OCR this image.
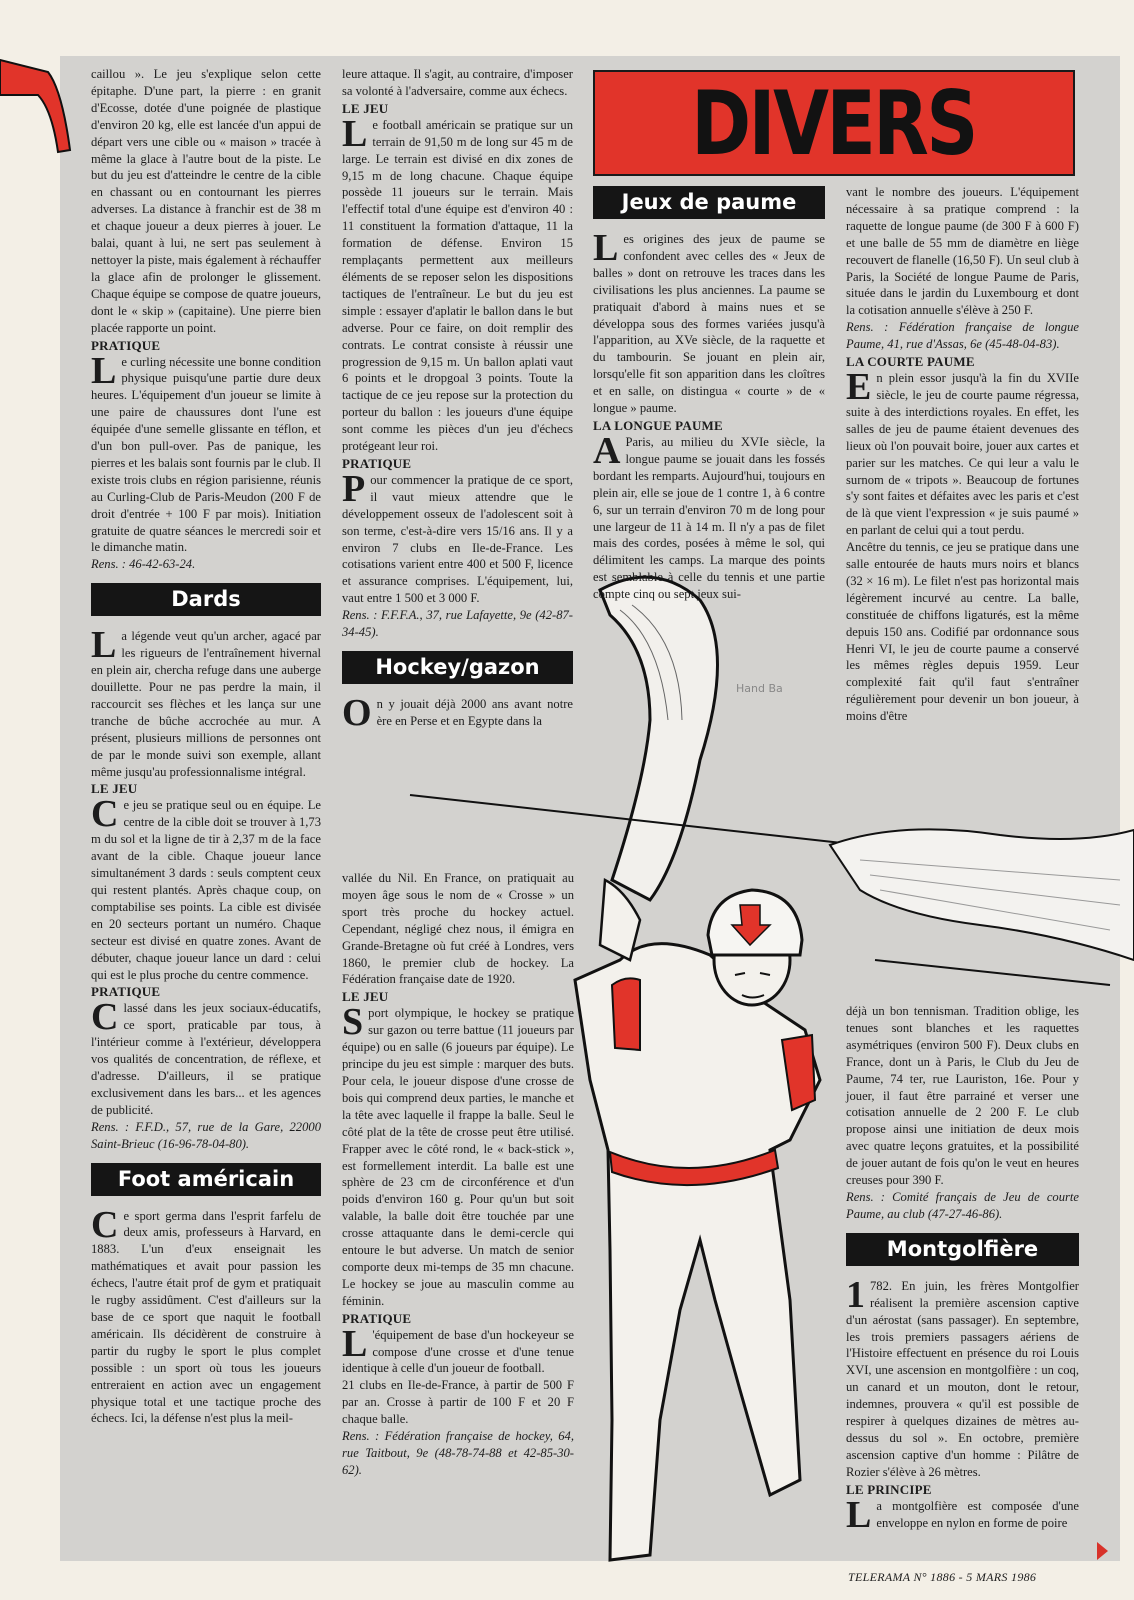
Hand Ba
DIVERS

caillou ». Le jeu s'explique selon cette épitaphe. D'une part, la pierre : en granit d'Ecosse, dotée d'une poignée de plastique d'environ 20 kg, elle est lancée d'un appui de départ vers une cible ou « maison » tracée à même la glace à l'autre bout de la piste. Le but du jeu est d'atteindre le centre de la cible en chassant ou en contournant les pierres adverses. La distance à franchir est de 38 m et chaque joueur a deux pierres à jouer. Le balai, quant à lui, ne sert pas seulement à nettoyer la piste, mais également à réchauffer la glace afin de prolonger le glissement. Chaque équipe se compose de quatre joueurs, dont le « skip » (capitaine). Une pierre bien placée rapporte un point.

PRATIQUE

Le curling nécessite une bonne condition physique puisqu'une partie dure deux heures. L'équipement d'un joueur se limite à une paire de chaussures dont l'une est équipée d'une semelle glissante en téflon, et d'un bon pull-over. Pas de panique, les pierres et les balais sont fournis par le club. Il existe trois clubs en région parisienne, réunis au Curling-Club de Paris-Meudon (200 F de droit d'entrée + 100 F par mois). Initiation gratuite de quatre séances le mercredi soir et le dimanche matin.

Rens. : 46-42-63-24.

Dards

La légende veut qu'un archer, agacé par les rigueurs de l'entraînement hivernal en plein air, chercha refuge dans une auberge douillette. Pour ne pas perdre la main, il raccourcit ses flèches et les lança sur une tranche de bûche accrochée au mur. A présent, plusieurs millions de personnes ont de par le monde suivi son exemple, allant même jusqu'au professionnalisme intégral.

LE JEU

Ce jeu se pratique seul ou en équipe. Le centre de la cible doit se trouver à 1,73 m du sol et la ligne de tir à 2,37 m de la face avant de la cible. Chaque joueur lance simultanément 3 dards : seuls comptent ceux qui restent plantés. Après chaque coup, on comptabilise ses points. La cible est divisée en 20 secteurs portant un numéro. Chaque secteur est divisé en quatre zones. Avant de débuter, chaque joueur lance un dard : celui qui est le plus proche du centre commence.

PRATIQUE

Classé dans les jeux sociaux-éducatifs, ce sport, praticable par tous, à l'intérieur comme à l'extérieur, développera vos qualités de concentration, de réflexe, et d'adresse. D'ailleurs, il se pratique exclusivement dans les bars... et les agences de publicité.

Rens. : F.F.D., 57, rue de la Gare, 22000 Saint-Brieuc (16-96-78-04-80).

Foot américain

Ce sport germa dans l'esprit farfelu de deux amis, professeurs à Harvard, en 1883. L'un d'eux enseignait les mathématiques et avait pour passion les échecs, l'autre était prof de gym et pratiquait le rugby assidûment. C'est d'ailleurs sur la base de ce sport que naquit le football américain. Ils décidèrent de construire à partir du rugby le sport le plus complet possible : un sport où tous les joueurs entreraient en action avec un engagement physique total et une tactique proche des échecs. Ici, la défense n'est plus la meil-

leure attaque. Il s'agit, au contraire, d'imposer sa volonté à l'adversaire, comme aux échecs.

LE JEU

Le football américain se pratique sur un terrain de 91,50 m de long sur 45 m de large. Le terrain est divisé en dix zones de 9,15 m de long chacune. Chaque équipe possède 11 joueurs sur le terrain. Mais l'effectif total d'une équipe est d'environ 40 : 11 constituent la formation d'attaque, 11 la formation de défense. Environ 15 remplaçants permettent aux meilleurs éléments de se reposer selon les dispositions tactiques de l'entraîneur. Le but du jeu est simple : essayer d'aplatir le ballon dans le but adverse. Pour ce faire, on doit remplir des contrats. Le contrat consiste à réussir une progression de 9,15 m. Un ballon aplati vaut 6 points et le dropgoal 3 points. Toute la tactique de ce jeu repose sur la protection du porteur du ballon : les joueurs d'une équipe sont comme les pièces d'un jeu d'échecs protégeant leur roi.

PRATIQUE

Pour commencer la pratique de ce sport, il vaut mieux attendre que le développement osseux de l'adolescent soit à son terme, c'est-à-dire vers 15/16 ans. Il y a environ 7 clubs en Ile-de-France. Les cotisations varient entre 400 et 500 F, licence et assurance comprises. L'équipement, lui, vaut entre 1 500 et 3 000 F.

Rens. : F.F.F.A., 37, rue Lafayette, 9e (42-87-34-45).

Hockey/gazon

On y jouait déjà 2000 ans avant notre ère en Perse et en Egypte dans la

vallée du Nil. En France, on pratiquait au moyen âge sous le nom de « Crosse » un sport très proche du hockey actuel. Cependant, négligé chez nous, il émigra en Grande-Bretagne où fut créé à Londres, vers 1860, le premier club de hockey. La Fédération française date de 1920.

LE JEU

Sport olympique, le hockey se pratique sur gazon ou terre battue (11 joueurs par équipe) ou en salle (6 joueurs par équipe). Le principe du jeu est simple : marquer des buts. Pour cela, le joueur dispose d'une crosse de bois qui comprend deux parties, le manche et la tête avec laquelle il frappe la balle. Seul le côté plat de la tête de crosse peut être utilisé. Frapper avec le côté rond, le « back-stick », est formellement interdit. La balle est une sphère de 23 cm de circonférence et d'un poids d'environ 160 g. Pour qu'un but soit valable, la balle doit être touchée par une crosse attaquante dans le demi-cercle qui entoure le but adverse. Un match de senior comporte deux mi-temps de 35 mn chacune. Le hockey se joue au masculin comme au féminin.

PRATIQUE

L 'équipement de base d'un hockeyeur se compose d'une crosse et d'une tenue identique à celle d'un joueur de football.

21 clubs en Ile-de-France, à partir de 500 F par an. Crosse à partir de 100 F et 20 F chaque balle.

Rens. : Fédération française de hockey, 64, rue Taitbout, 9e (48-78-74-88 et 42-85-30-62).

Jeux de paume

Les origines des jeux de paume se confondent avec celles des « Jeux de balles » dont on retrouve les traces dans les civilisations les plus anciennes. La paume se pratiquait d'abord à mains nues et se développa sous des formes variées jusqu'à l'apparition, au XVe siècle, de la raquette et du tambourin. Se jouant en plein air, lorsqu'elle fit son apparition dans les cloîtres et en salle, on distingua « courte » de « longue » paume.

LA LONGUE PAUME

A Paris, au milieu du XVIe siècle, la longue paume se jouait dans les fossés bordant les remparts. Aujourd'hui, toujours en plein air, elle se joue de 1 contre 1, à 6 contre 6, sur un terrain d'environ 70 m de long pour une largeur de 11 à 14 m. Il n'y a pas de filet mais des cordes, posées à même le sol, qui délimitent les camps. La marque des points est semblable à celle du tennis et une partie compte cinq ou sept jeux sui-

vant le nombre des joueurs. L'équipement nécessaire à sa pratique comprend : la raquette de longue paume (de 300 F à 600 F) et une balle de 55 mm de diamètre en liège recouvert de flanelle (16,50 F). Un seul club à Paris, la Société de longue Paume de Paris, située dans le jardin du Luxembourg et dont la cotisation annuelle s'élève à 250 F.

Rens. : Fédération française de longue Paume, 41, rue d'Assas, 6e (45-48-04-83).

LA COURTE PAUME

En plein essor jusqu'à la fin du XVIIe siècle, le jeu de courte paume régressa, suite à des interdictions royales. En effet, les salles de jeu de paume étaient devenues des lieux où l'on pouvait boire, jouer aux cartes et parier sur les matches. Ce qui leur a valu le surnom de « tripots ». Beaucoup de fortunes s'y sont faites et défaites avec les paris et c'est de là que vient l'expression « je suis paumé » en parlant de celui qui a tout perdu.

Ancêtre du tennis, ce jeu se pratique dans une salle entourée de hauts murs noirs et blancs (32 × 16 m). Le filet n'est pas horizontal mais légèrement incurvé au centre. La balle, constituée de chiffons ligaturés, est la même depuis 150 ans. Codifié par ordonnance sous Henri VI, le jeu de courte paume a conservé les mêmes règles depuis 1959. Leur complexité fait qu'il faut s'entraîner régulièrement pour devenir un bon joueur, à moins d'être

déjà un bon tennisman. Tradition oblige, les tenues sont blanches et les raquettes asymétriques (environ 500 F). Deux clubs en France, dont un à Paris, le Club du Jeu de Paume, 74 ter, rue Lauriston, 16e. Pour y jouer, il faut être parrainé et verser une cotisation annuelle de 2 200 F. Le club propose ainsi une initiation de deux mois avec quatre leçons gratuites, et la possibilité de jouer autant de fois qu'on le veut en heures creuses pour 390 F.

Rens. : Comité français de Jeu de courte Paume, au club (47-27-46-86).

Montgolfière

1 782. En juin, les frères Montgolfier réalisent la première ascension captive d'un aérostat (sans passager). En septembre, les trois premiers passagers aériens de l'Histoire effectuent en présence du roi Louis XVI, une ascension en montgolfière : un coq, un canard et un mouton, dont le retour, indemnes, prouvera « qu'il est possible de respirer à quelques dizaines de mètres au-dessus du sol ». En octobre, première ascension captive d'un homme : Pilâtre de Rozier s'élève à 26 mètres.

LE PRINCIPE

La montgolfière est composée d'une enveloppe en nylon en forme de poire

TELERAMA N° 1886 - 5 MARS 1986
